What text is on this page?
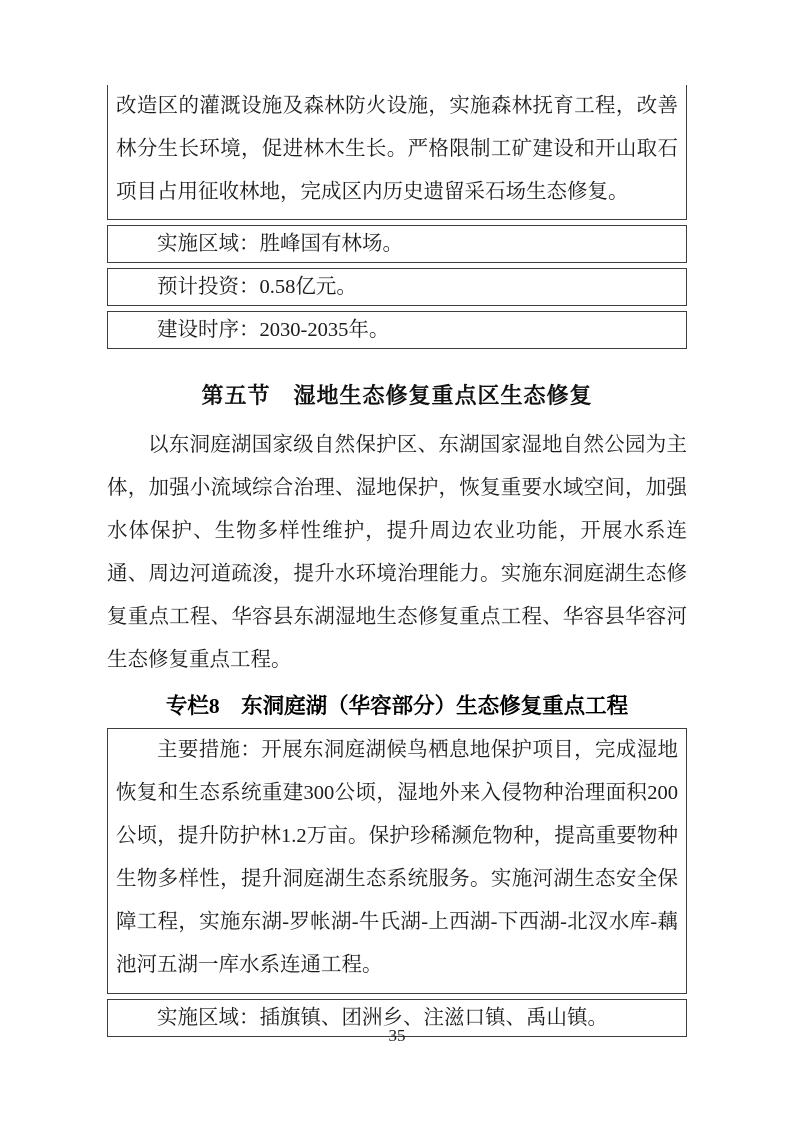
改造区的灌溉设施及森林防火设施，实施森林抚育工程，改善林分生长环境，促进林木生长。严格限制工矿建设和开山取石项目占用征收林地，完成区内历史遗留采石场生态修复。
实施区域：胜峰国有林场。
预计投资：0.58亿元。
建设时序：2030-2035年。
第五节　湿地生态修复重点区生态修复

以东洞庭湖国家级自然保护区、东湖国家湿地自然公园为主体，加强小流域综合治理、湿地保护，恢复重要水域空间，加强水体保护、生物多样性维护，提升周边农业功能，开展水系连通、周边河道疏浚，提升水环境治理能力。实施东洞庭湖生态修复重点工程、华容县东湖湿地生态修复重点工程、华容县华容河生态修复重点工程。

专栏8　东洞庭湖（华容部分）生态修复重点工程
主要措施：开展东洞庭湖候鸟栖息地保护项目，完成湿地恢复和生态系统重建300公顷，湿地外来入侵物种治理面积200公顷，提升防护林1.2万亩。保护珍稀濒危物种，提高重要物种生物多样性，提升洞庭湖生态系统服务。实施河湖生态安全保障工程，实施东湖-罗帐湖-牛氏湖-上西湖-下西湖-北汊水库-藕池河五湖一库水系连通工程。
实施区域：插旗镇、团洲乡、注滋口镇、禹山镇。
35
